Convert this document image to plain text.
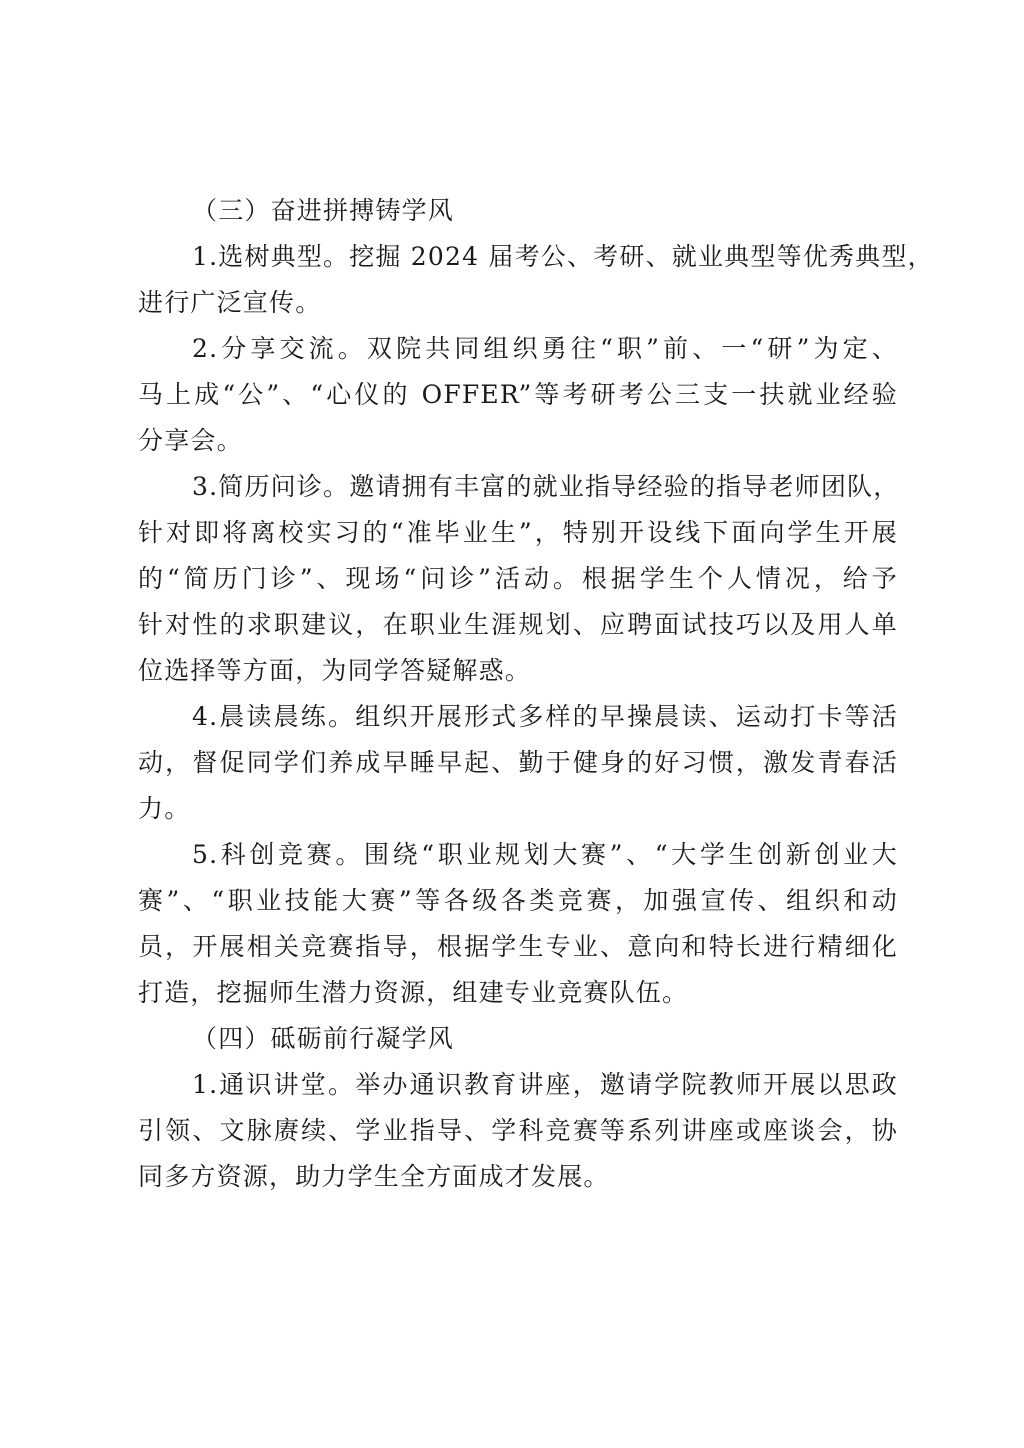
（三）奋进拼搏铸学风
1.选树典型。挖掘 2024 届考公、考研、就业典型等优秀典型，
进行广泛宣传。
2.分享交流。双院共同组织勇往“职”前、一“研”为定、
马上成“公”、“心仪的 OFFER”等考研考公三支一扶就业经验
分享会。
3.简历问诊。邀请拥有丰富的就业指导经验的指导老师团队，
针对即将离校实习的“准毕业生”，特别开设线下面向学生开展
的“简历门诊”、现场“问诊”活动。根据学生个人情况，给予
针对性的求职建议，在职业生涯规划、应聘面试技巧以及用人单
位选择等方面，为同学答疑解惑。
4.晨读晨练。组织开展形式多样的早操晨读、运动打卡等活
动，督促同学们养成早睡早起、勤于健身的好习惯，激发青春活
力。
5.科创竞赛。围绕“职业规划大赛”、“大学生创新创业大
赛”、“职业技能大赛”等各级各类竞赛，加强宣传、组织和动
员，开展相关竞赛指导，根据学生专业、意向和特长进行精细化
打造，挖掘师生潜力资源，组建专业竞赛队伍。
（四）砥砺前行凝学风
1.通识讲堂。举办通识教育讲座，邀请学院教师开展以思政
引领、文脉赓续、学业指导、学科竞赛等系列讲座或座谈会，协
同多方资源，助力学生全方面成才发展。
